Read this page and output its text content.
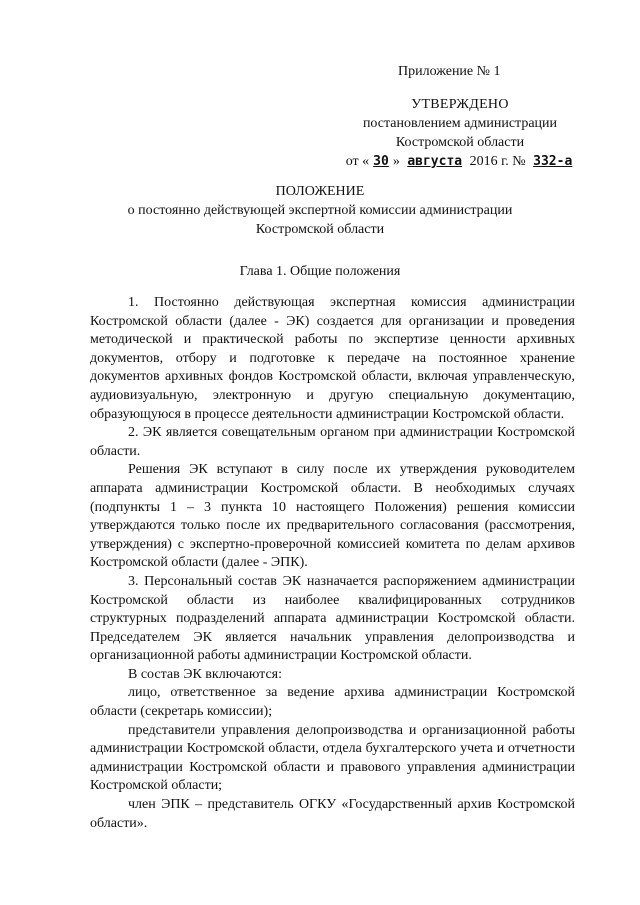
Приложение № 1
УТВЕРЖДЕНО
постановлением администрации
Костромской области
от « 30 » августа 2016 г. № 332-а
ПОЛОЖЕНИЕ
о постоянно действующей экспертной комиссии администрации
Костромской области
Глава 1. Общие положения

1. Постоянно действующая экспертная комиссия администрации Костромской области (далее - ЭК) создается для организации и проведения методической и практической работы по экспертизе ценности архивных документов, отбору и подготовке к передаче на постоянное хранение документов архивных фондов Костромской области, включая управленческую, аудиовизуальную, электронную и другую специальную документацию, образующуюся в процессе деятельности администрации Костромской области.

2. ЭК является совещательным органом при администрации Костромской области.

Решения ЭК вступают в силу после их утверждения руководителем аппарата администрации Костромской области. В необходимых случаях (подпункты 1 – 3 пункта 10 настоящего Положения) решения комиссии утверждаются только после их предварительного согласования (рассмотрения, утверждения) с экспертно-проверочной комиссией комитета по делам архивов Костромской области (далее - ЭПК).

3. Персональный состав ЭК назначается распоряжением администрации Костромской области из наиболее квалифицированных сотрудников структурных подразделений аппарата администрации Костромской области. Председателем ЭК является начальник управления делопроизводства и организационной работы администрации Костромской области.

В состав ЭК включаются:

лицо, ответственное за ведение архива администрации Костромской области (секретарь комиссии);

представители управления делопроизводства и организационной работы администрации Костромской области, отдела бухгалтерского учета и отчетности администрации Костромской области и правового управления администрации Костромской области;

член ЭПК – представитель ОГКУ «Государственный архив Костромской области».
